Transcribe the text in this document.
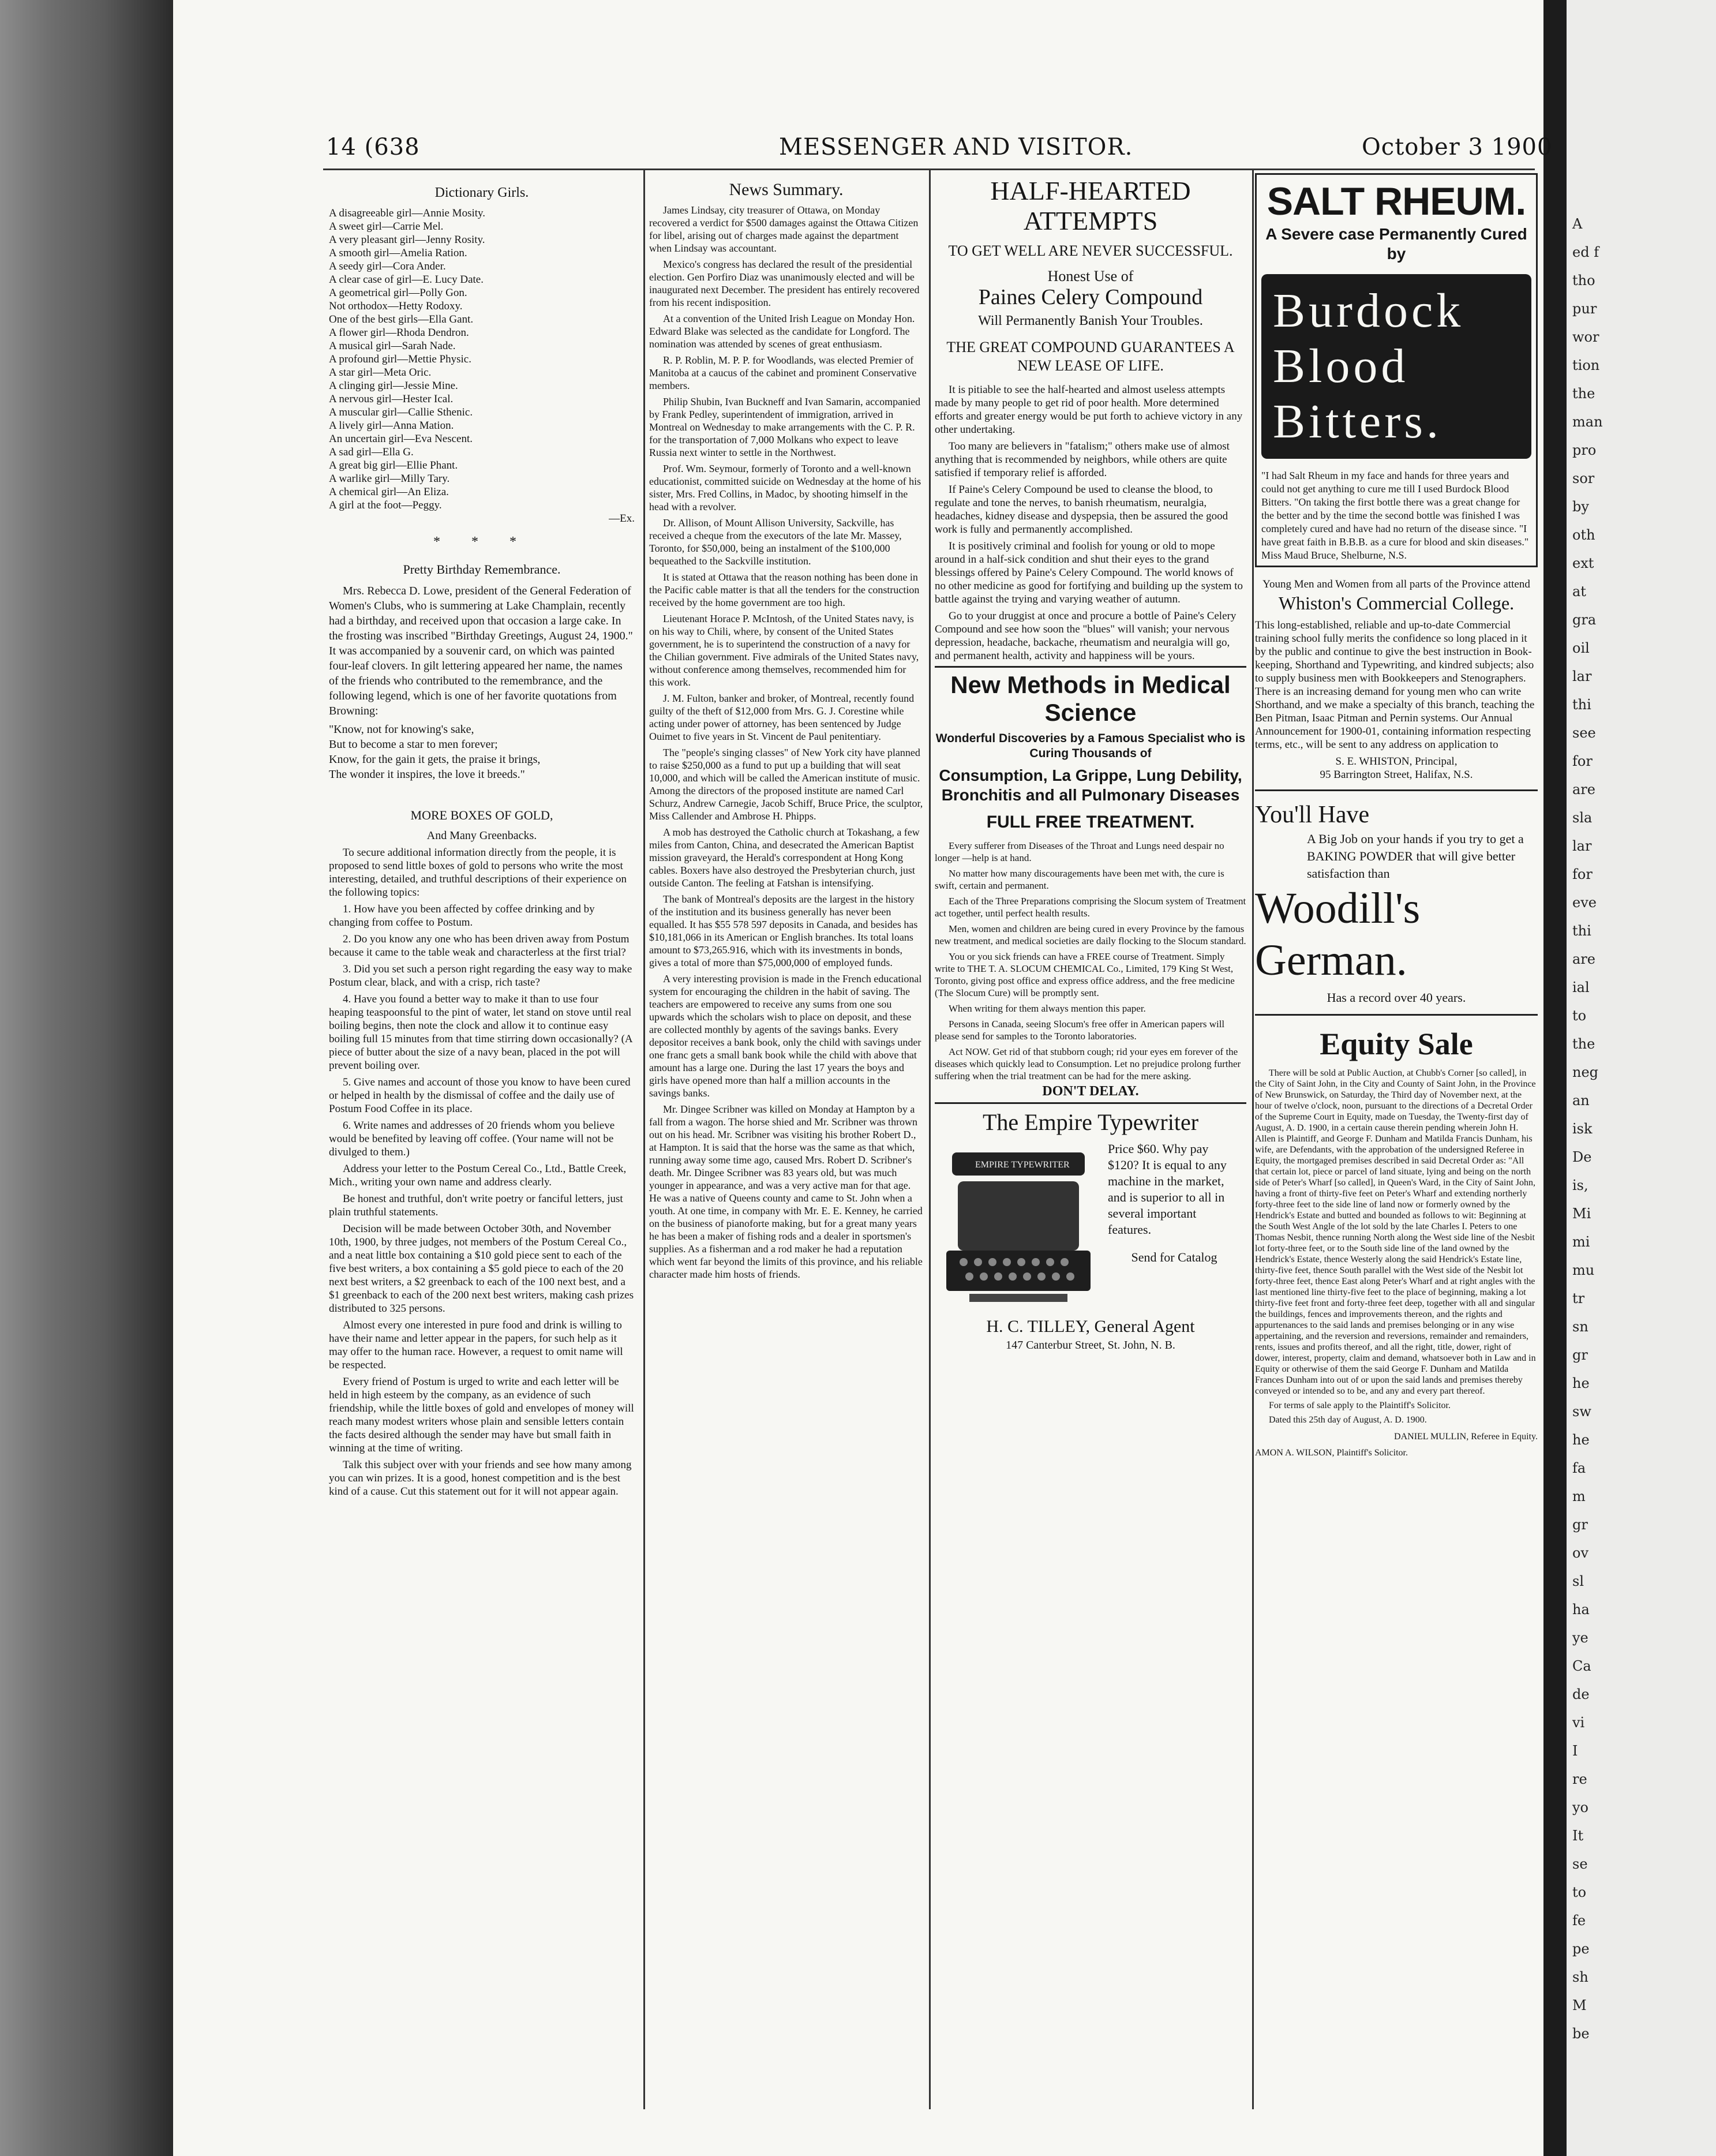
14 (638	MESSENGER AND VISITOR.	October 3 1900
Dictionary Girls.
A disagreeable girl—Annie Mosity.
A sweet girl—Carrie Mel.
A very pleasant girl—Jenny Rosity.
A smooth girl—Amelia Ration.
A seedy girl—Cora Ander.
A clear case of girl—E. Lucy Date.
A geometrical girl—Polly Gon.
Not orthodox—Hetty Rodoxy.
One of the best girls—Ella Gant.
A flower girl—Rhoda Dendron.
A musical girl—Sarah Nade.
A profound girl—Mettie Physic.
A star girl—Meta Oric.
A clinging girl—Jessie Mine.
A nervous girl—Hester Ical.
A muscular girl—Callie Sthenic.
A lively girl—Anna Mation.
An uncertain girl—Eva Nescent.
A sad girl—Ella G.
A great big girl—Ellie Phant.
A warlike girl—Milly Tary.
A chemical girl—An Eliza.
A girl at the foot—Peggy.
—Ex.
* * *
Pretty Birthday Remembrance.

Mrs. Rebecca D. Lowe, president of the General Federation of Women's Clubs, who is summering at Lake Champlain, recently had a birthday, and received upon that occasion a large cake. In the frosting was inscribed "Birthday Greetings, August 24, 1900." It was accompanied by a souvenir card, on which was painted four-leaf clovers. In gilt lettering appeared her name, the names of the friends who contributed to the remembrance, and the following legend, which is one of her favorite quotations from Browning:

"Know, not for knowing's sake,
But to become a star to men forever;
Know, for the gain it gets, the praise it brings,
The wonder it inspires, the love it breeds."
MORE BOXES OF GOLD,
And Many Greenbacks.

To secure additional information directly from the people, it is proposed to send little boxes of gold to persons who write the most interesting, detailed, and truthful descriptions of their experience on the following topics:

1. How have you been affected by coffee drinking and by changing from coffee to Postum.

2. Do you know any one who has been driven away from Postum because it came to the table weak and characterless at the first trial?

3. Did you set such a person right regarding the easy way to make Postum clear, black, and with a crisp, rich taste?

4. Have you found a better way to make it than to use four heaping teaspoonsful to the pint of water, let stand on stove until real boiling begins, then note the clock and allow it to continue easy boiling full 15 minutes from that time stirring down occasionally? (A piece of butter about the size of a navy bean, placed in the pot will prevent boiling over.

5. Give names and account of those you know to have been cured or helped in health by the dismissal of coffee and the daily use of Postum Food Coffee in its place.

6. Write names and addresses of 20 friends whom you believe would be benefited by leaving off coffee. (Your name will not be divulged to them.)

Address your letter to the Postum Cereal Co., Ltd., Battle Creek, Mich., writing your own name and address clearly.

Be honest and truthful, don't write poetry or fanciful letters, just plain truthful statements.

Decision will be made between October 30th, and November 10th, 1900, by three judges, not members of the Postum Cereal Co., and a neat little box containing a $10 gold piece sent to each of the five best writers, a box containing a $5 gold piece to each of the 20 next best writers, a $2 greenback to each of the 100 next best, and a $1 greenback to each of the 200 next best writers, making cash prizes distributed to 325 persons.

Almost every one interested in pure food and drink is willing to have their name and letter appear in the papers, for such help as it may offer to the human race. However, a request to omit name will be respected.

Every friend of Postum is urged to write and each letter will be held in high esteem by the company, as an evidence of such friendship, while the little boxes of gold and envelopes of money will reach many modest writers whose plain and sensible letters contain the facts desired although the sender may have but small faith in winning at the time of writing.

Talk this subject over with your friends and see how many among you can win prizes. It is a good, honest competition and is the best kind of a cause. Cut this statement out for it will not appear again.

News Summary.

James Lindsay, city treasurer of Ottawa, on Monday recovered a verdict for $500 damages against the Ottawa Citizen for libel, arising out of charges made against the department when Lindsay was accountant.

Mexico's congress has declared the result of the presidential election. Gen Porfiro Diaz was unanimously elected and will be inaugurated next December. The president has entirely recovered from his recent indisposition.

At a convention of the United Irish League on Monday Hon. Edward Blake was selected as the candidate for Longford. The nomination was attended by scenes of great enthusiasm.

R. P. Roblin, M. P. P. for Woodlands, was elected Premier of Manitoba at a caucus of the cabinet and prominent Conservative members.

Philip Shubin, Ivan Buckneff and Ivan Samarin, accompanied by Frank Pedley, superintendent of immigration, arrived in Montreal on Wednesday to make arrangements with the C. P. R. for the transportation of 7,000 Molkans who expect to leave Russia next winter to settle in the Northwest.

Prof. Wm. Seymour, formerly of Toronto and a well-known educationist, committed suicide on Wednesday at the home of his sister, Mrs. Fred Collins, in Madoc, by shooting himself in the head with a revolver.

Dr. Allison, of Mount Allison University, Sackville, has received a cheque from the executors of the late Mr. Massey, Toronto, for $50,000, being an instalment of the $100,000 bequeathed to the Sackville institution.

It is stated at Ottawa that the reason nothing has been done in the Pacific cable matter is that all the tenders for the construction received by the home government are too high.

Lieutenant Horace P. McIntosh, of the United States navy, is on his way to Chili, where, by consent of the United States government, he is to superintend the construction of a navy for the Chilian government. Five admirals of the United States navy, without conference among themselves, recommended him for this work.

J. M. Fulton, banker and broker, of Montreal, recently found guilty of the theft of $12,000 from Mrs. G. J. Corestine while acting under power of attorney, has been sentenced by Judge Ouimet to five years in St. Vincent de Paul penitentiary.

The "people's singing classes" of New York city have planned to raise $250,000 as a fund to put up a building that will seat 10,000, and which will be called the American institute of music. Among the directors of the proposed institute are named Carl Schurz, Andrew Carnegie, Jacob Schiff, Bruce Price, the sculptor, Miss Callender and Ambrose H. Phipps.

A mob has destroyed the Catholic church at Tokashang, a few miles from Canton, China, and desecrated the American Baptist mission graveyard, the Herald's correspondent at Hong Kong cables. Boxers have also destroyed the Presbyterian church, just outside Canton. The feeling at Fatshan is intensifying.

The bank of Montreal's deposits are the largest in the history of the institution and its business generally has never been equalled. It has $55 578 597 deposits in Canada, and besides has $10,181,066 in its American or English branches. Its total loans amount to $73,265.916, which with its investments in bonds, gives a total of more than $75,000,000 of employed funds.

A very interesting provision is made in the French educational system for encouraging the children in the habit of saving. The teachers are empowered to receive any sums from one sou upwards which the scholars wish to place on deposit, and these are collected monthly by agents of the savings banks. Every depositor receives a bank book, only the child with savings under one franc gets a small bank book while the child with above that amount has a large one. During the last 17 years the boys and girls have opened more than half a million accounts in the savings banks.

Mr. Dingee Scribner was killed on Monday at Hampton by a fall from a wagon. The horse shied and Mr. Scribner was thrown out on his head. Mr. Scribner was visiting his brother Robert D., at Hampton. It is said that the horse was the same as that which, running away some time ago, caused Mrs. Robert D. Scribner's death. Mr. Dingee Scribner was 83 years old, but was much younger in appearance, and was a very active man for that age. He was a native of Queens county and came to St. John when a youth. At one time, in company with Mr. E. E. Kenney, he carried on the business of pianoforte making, but for a great many years he has been a maker of fishing rods and a dealer in sportsmen's supplies. As a fisherman and a rod maker he had a reputation which went far beyond the limits of this province, and his reliable character made him hosts of friends.

HALF-HEARTED ATTEMPTS
TO GET WELL ARE NEVER SUCCESSFUL.
Honest Use of
Paines Celery Compound
Will Permanently Banish Your Troubles.
THE GREAT COMPOUND GUARANTEES A NEW LEASE OF LIFE.

It is pitiable to see the half-hearted and almost useless attempts made by many people to get rid of poor health. More determined efforts and greater energy would be put forth to achieve victory in any other undertaking.

Too many are believers in "fatalism;" others make use of almost anything that is recommended by neighbors, while others are quite satisfied if temporary relief is afforded.

If Paine's Celery Compound be used to cleanse the blood, to regulate and tone the nerves, to banish rheumatism, neuralgia, headaches, kidney disease and dyspepsia, then be assured the good work is fully and permanently accomplished.

It is positively criminal and foolish for young or old to mope around in a half-sick condition and shut their eyes to the grand blessings offered by Paine's Celery Compound. The world knows of no other medicine as good for fortifying and building up the system to battle against the trying and varying weather of autumn.

Go to your druggist at once and procure a bottle of Paine's Celery Compound and see how soon the "blues" will vanish; your nervous depression, headache, backache, rheumatism and neuralgia will go, and permanent health, activity and happiness will be yours.

New Methods in Medical Science
Wonderful Discoveries by a Famous Specialist who is Curing Thousands of
Consumption, La Grippe, Lung Debility, Bronchitis and all Pulmonary Diseases
FULL FREE TREATMENT.

Every sufferer from Diseases of the Throat and Lungs need despair no longer —help is at hand.

No matter how many discouragements have been met with, the cure is swift, certain and permanent.

Each of the Three Preparations comprising the Slocum system of Treatment act together, until perfect health results.

Men, women and children are being cured in every Province by the famous new treatment, and medical societies are daily flocking to the Slocum standard.

You or you sick friends can have a FREE course of Treatment. Simply write to THE T. A. SLOCUM CHEMICAL Co., Limited, 179 King St West, Toronto, giving post office and express office address, and the free medicine (The Slocum Cure) will be promptly sent.

When writing for them always mention this paper.

Persons in Canada, seeing Slocum's free offer in American papers will please send for samples to the Toronto laboratories.

Act NOW. Get rid of that stubborn cough; rid your eyes em forever of the diseases which quickly lead to Consumption. Let no prejudice prolong further suffering when the trial treatment can be had for the mere asking.

DON'T DELAY.
The Empire Typewriter
EMPIRE TYPEWRITER
Price $60. Why pay $120? It is equal to any machine in the market, and is superior to all in several important features.
Send for Catalog
H. C. TILLEY, General Agent
147 Canterbur Street, St. John, N. B.
SALT RHEUM.
A Severe case Permanently Cured by
Burdock
Blood
Bitters.
"I had Salt Rheum in my face and hands for three years and could not get anything to cure me till I used Burdock Blood Bitters. "On taking the first bottle there was a great change for the better and by the time the second bottle was finished I was completely cured and have had no return of the disease since. "I have great faith in B.B.B. as a cure for blood and skin diseases." Miss Maud Bruce, Shelburne, N.S.
Young Men and Women from all parts of the Province attend
Whiston's Commercial College.

This long-established, reliable and up-to-date Commercial training school fully merits the confidence so long placed in it by the public and continue to give the best instruction in Book-keeping, Shorthand and Typewriting, and kindred subjects; also to supply business men with Bookkeepers and Stenographers. There is an increasing demand for young men who can write Shorthand, and we make a specialty of this branch, teaching the Ben Pitman, Isaac Pitman and Pernin systems. Our Annual Announcement for 1900-01, containing information respecting terms, etc., will be sent to any address on application to

S. E. WHISTON, Principal,
95 Barrington Street, Halifax, N.S.
You'll Have
A Big Job on your hands if you try to get a BAKING POWDER that will give better satisfaction than
Woodill's
German.
Has a record over 40 years.
Equity Sale

There will be sold at Public Auction, at Chubb's Corner [so called], in the City of Saint John, in the City and County of Saint John, in the Province of New Brunswick, on Saturday, the Third day of November next, at the hour of twelve o'clock, noon, pursuant to the directions of a Decretal Order of the Supreme Court in Equity, made on Tuesday, the Twenty-first day of August, A. D. 1900, in a certain cause therein pending wherein John H. Allen is Plaintiff, and George F. Dunham and Matilda Francis Dunham, his wife, are Defendants, with the approbation of the undersigned Referee in Equity, the mortgaged premises described in said Decretal Order as: "All that certain lot, piece or parcel of land situate, lying and being on the north side of Peter's Wharf [so called], in Queen's Ward, in the City of Saint John, having a front of thirty-five feet on Peter's Wharf and extending northerly forty-three feet to the side line of land now or formerly owned by the Hendrick's Estate and butted and bounded as follows to wit: Beginning at the South West Angle of the lot sold by the late Charles I. Peters to one Thomas Nesbit, thence running North along the West side line of the Nesbit lot forty-three feet, or to the South side line of the land owned by the Hendrick's Estate, thence Westerly along the said Hendrick's Estate line, thirty-five feet, thence South parallel with the West side of the Nesbit lot forty-three feet, thence East along Peter's Wharf and at right angles with the last mentioned line thirty-five feet to the place of beginning, making a lot thirty-five feet front and forty-three feet deep, together with all and singular the buildings, fences and improvements thereon, and the rights and appurtenances to the said lands and premises belonging or in any wise appertaining, and the reversion and reversions, remainder and remainders, rents, issues and profits thereof, and all the right, title, dower, right of dower, interest, property, claim and demand, whatsoever both in Law and in Equity or otherwise of them the said George F. Dunham and Matilda Frances Dunham into out of or upon the said lands and premises thereby conveyed or intended so to be, and any and every part thereof.

For terms of sale apply to the Plaintiff's Solicitor.

Dated this 25th day of August, A. D. 1900.

DANIEL MULLIN, Referee in Equity.
AMON A. WILSON, Plaintiff's Solicitor.
A
ed f
tho
pur
wor
tion
the
man
pro
sor
by
oth
ext
at
gra
oil
lar
thi
see
for
are
sla
lar
for
eve
thi
are
ial
to
the
neg
an
isk
De
is,
Mi
mi
mu
tr
sn
gr
he
sw
he
fa
m
gr
ov
sl
ha
ye
Ca
de
vi
I
re
yo
It
se
to
fe
pe
sh
M
be
